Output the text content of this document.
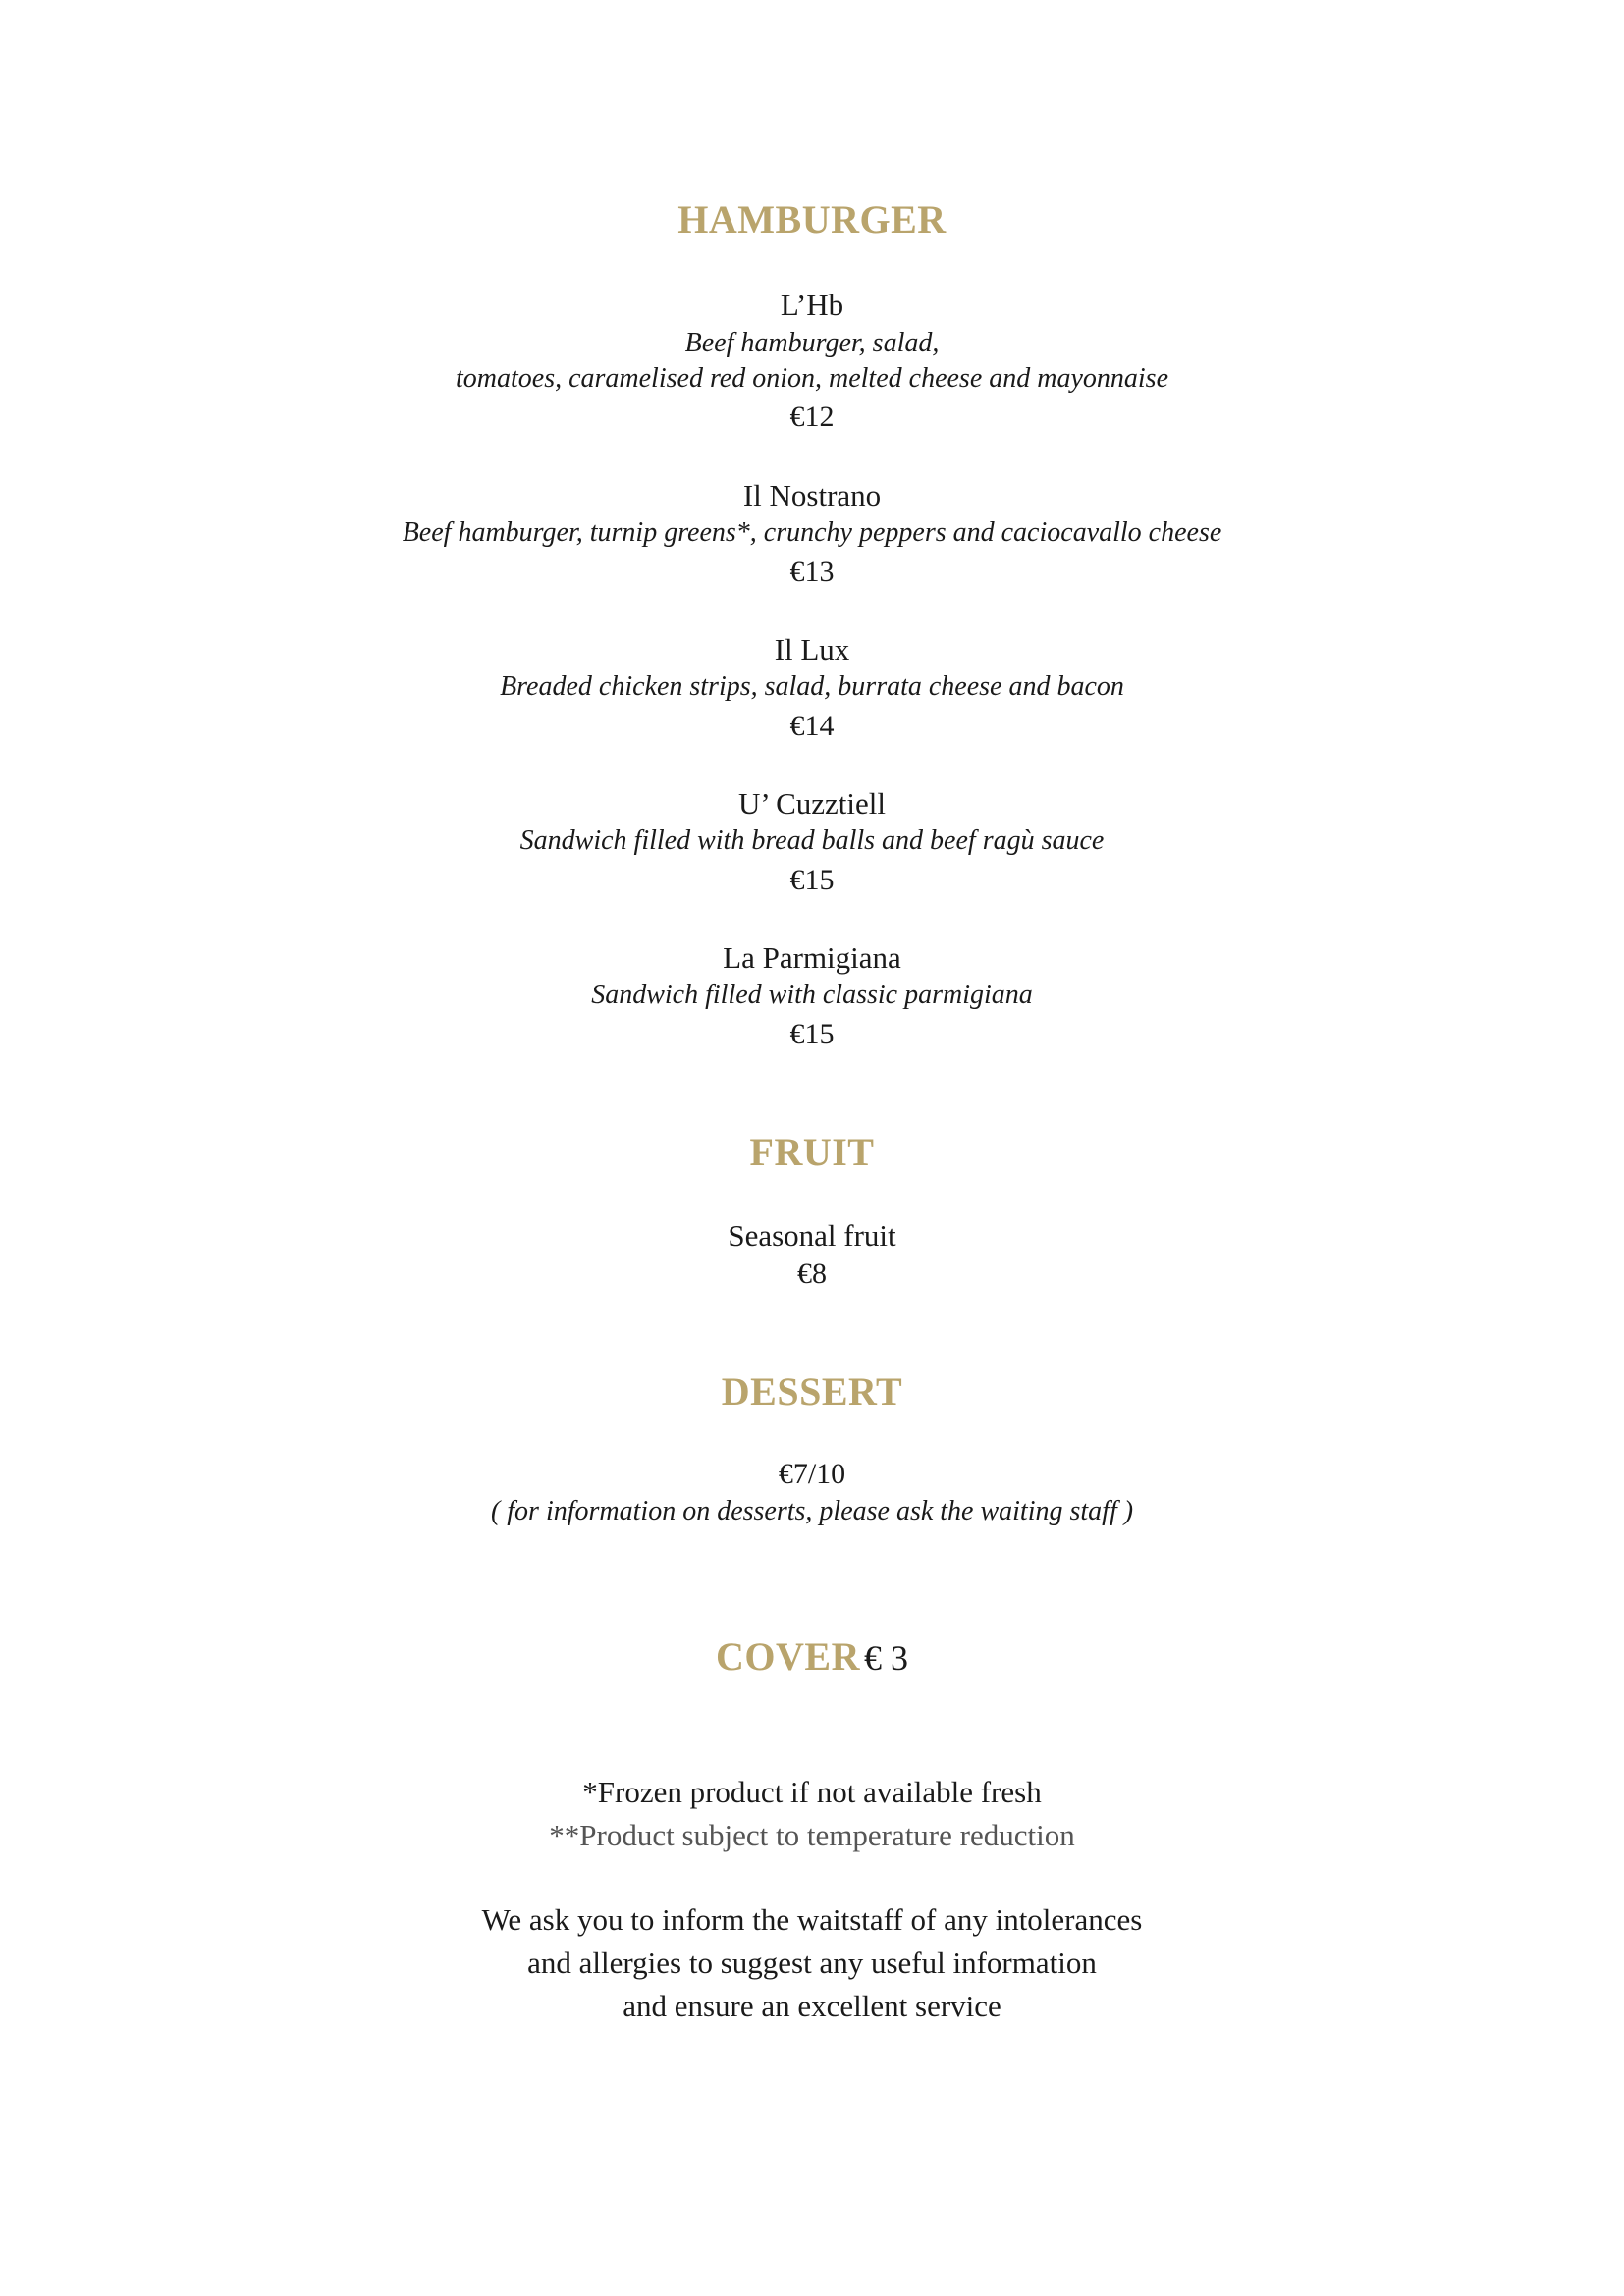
HAMBURGER
L’Hb
Beef hamburger, salad,
tomatoes, caramelised red onion, melted cheese and mayonnaise
€12
Il Nostrano
Beef hamburger, turnip greens*, crunchy peppers and caciocavallo cheese
€13
Il Lux
Breaded chicken strips, salad, burrata cheese and bacon
€14
U’ Cuzztiell
Sandwich filled with bread balls and beef ragù sauce
€15
La Parmigiana
Sandwich filled with classic parmigiana
€15
FRUIT
Seasonal fruit
€8
DESSERT
€7/10
( for information on desserts, please ask the waiting staff )
COVER € 3
*Frozen product if not available fresh
**Product subject to temperature reduction
We ask you to inform the waitstaff of any intolerances
and allergies to suggest any useful information
and ensure an excellent service
